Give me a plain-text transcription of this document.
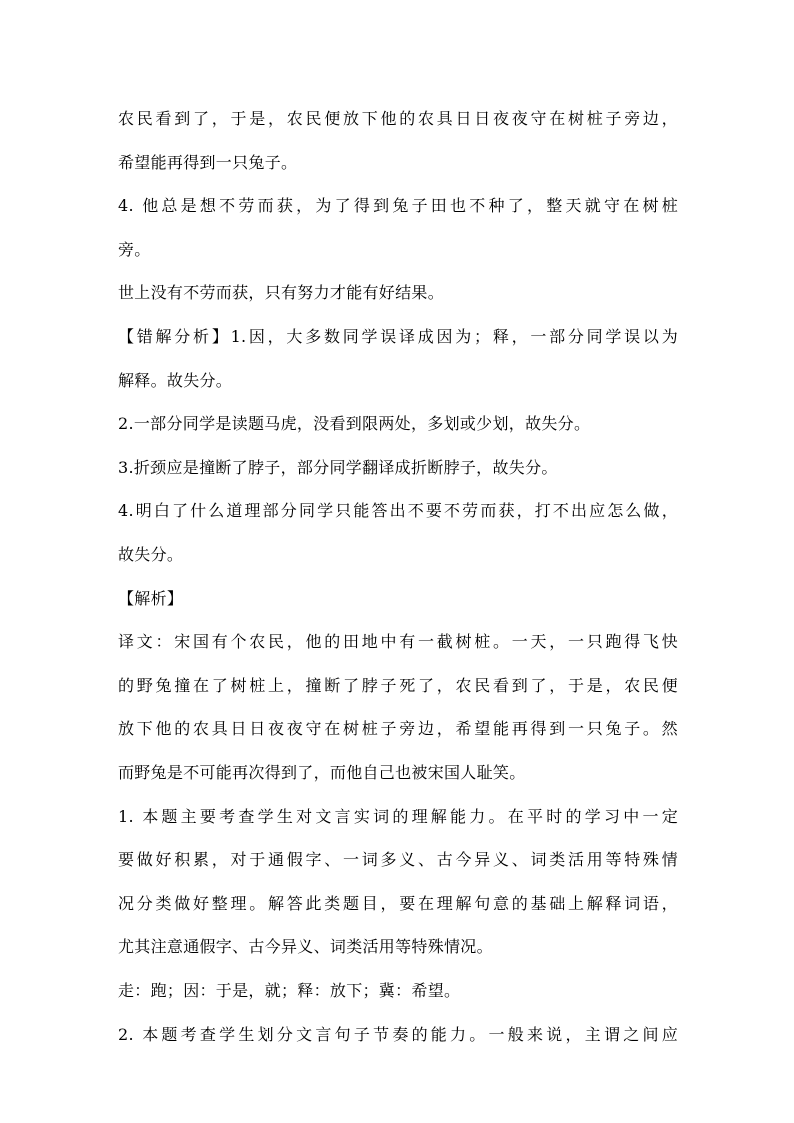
农民看到了，于是，农民便放下他的农具日日夜夜守在树桩子旁边，
希望能再得到一只兔子。
4. 他总是想不劳而获，为了得到兔子田也不种了，整天就守在树桩
旁。
世上没有不劳而获，只有努力才能有好结果。
【错解分析】1.因，大多数同学误译成因为；释，一部分同学误以为
解释。故失分。
2.一部分同学是读题马虎，没看到限两处，多划或少划，故失分。
3.折颈应是撞断了脖子，部分同学翻译成折断脖子，故失分。
4.明白了什么道理部分同学只能答出不要不劳而获，打不出应怎么做，
故失分。
【解析】
译文：宋国有个农民，他的田地中有一截树桩。一天，一只跑得飞快
的野兔撞在了树桩上，撞断了脖子死了，农民看到了，于是，农民便
放下他的农具日日夜夜守在树桩子旁边，希望能再得到一只兔子。然
而野兔是不可能再次得到了，而他自己也被宋国人耻笑。
1. 本题主要考查学生对文言实词的理解能力。在平时的学习中一定
要做好积累，对于通假字、一词多义、古今异义、词类活用等特殊情
况分类做好整理。解答此类题目，要在理解句意的基础上解释词语，
尤其注意通假字、古今异义、词类活用等特殊情况。
走：跑；因：于是，就；释：放下；冀：希望。
2. 本题考查学生划分文言句子节奏的能力。一般来说，主谓之间应
